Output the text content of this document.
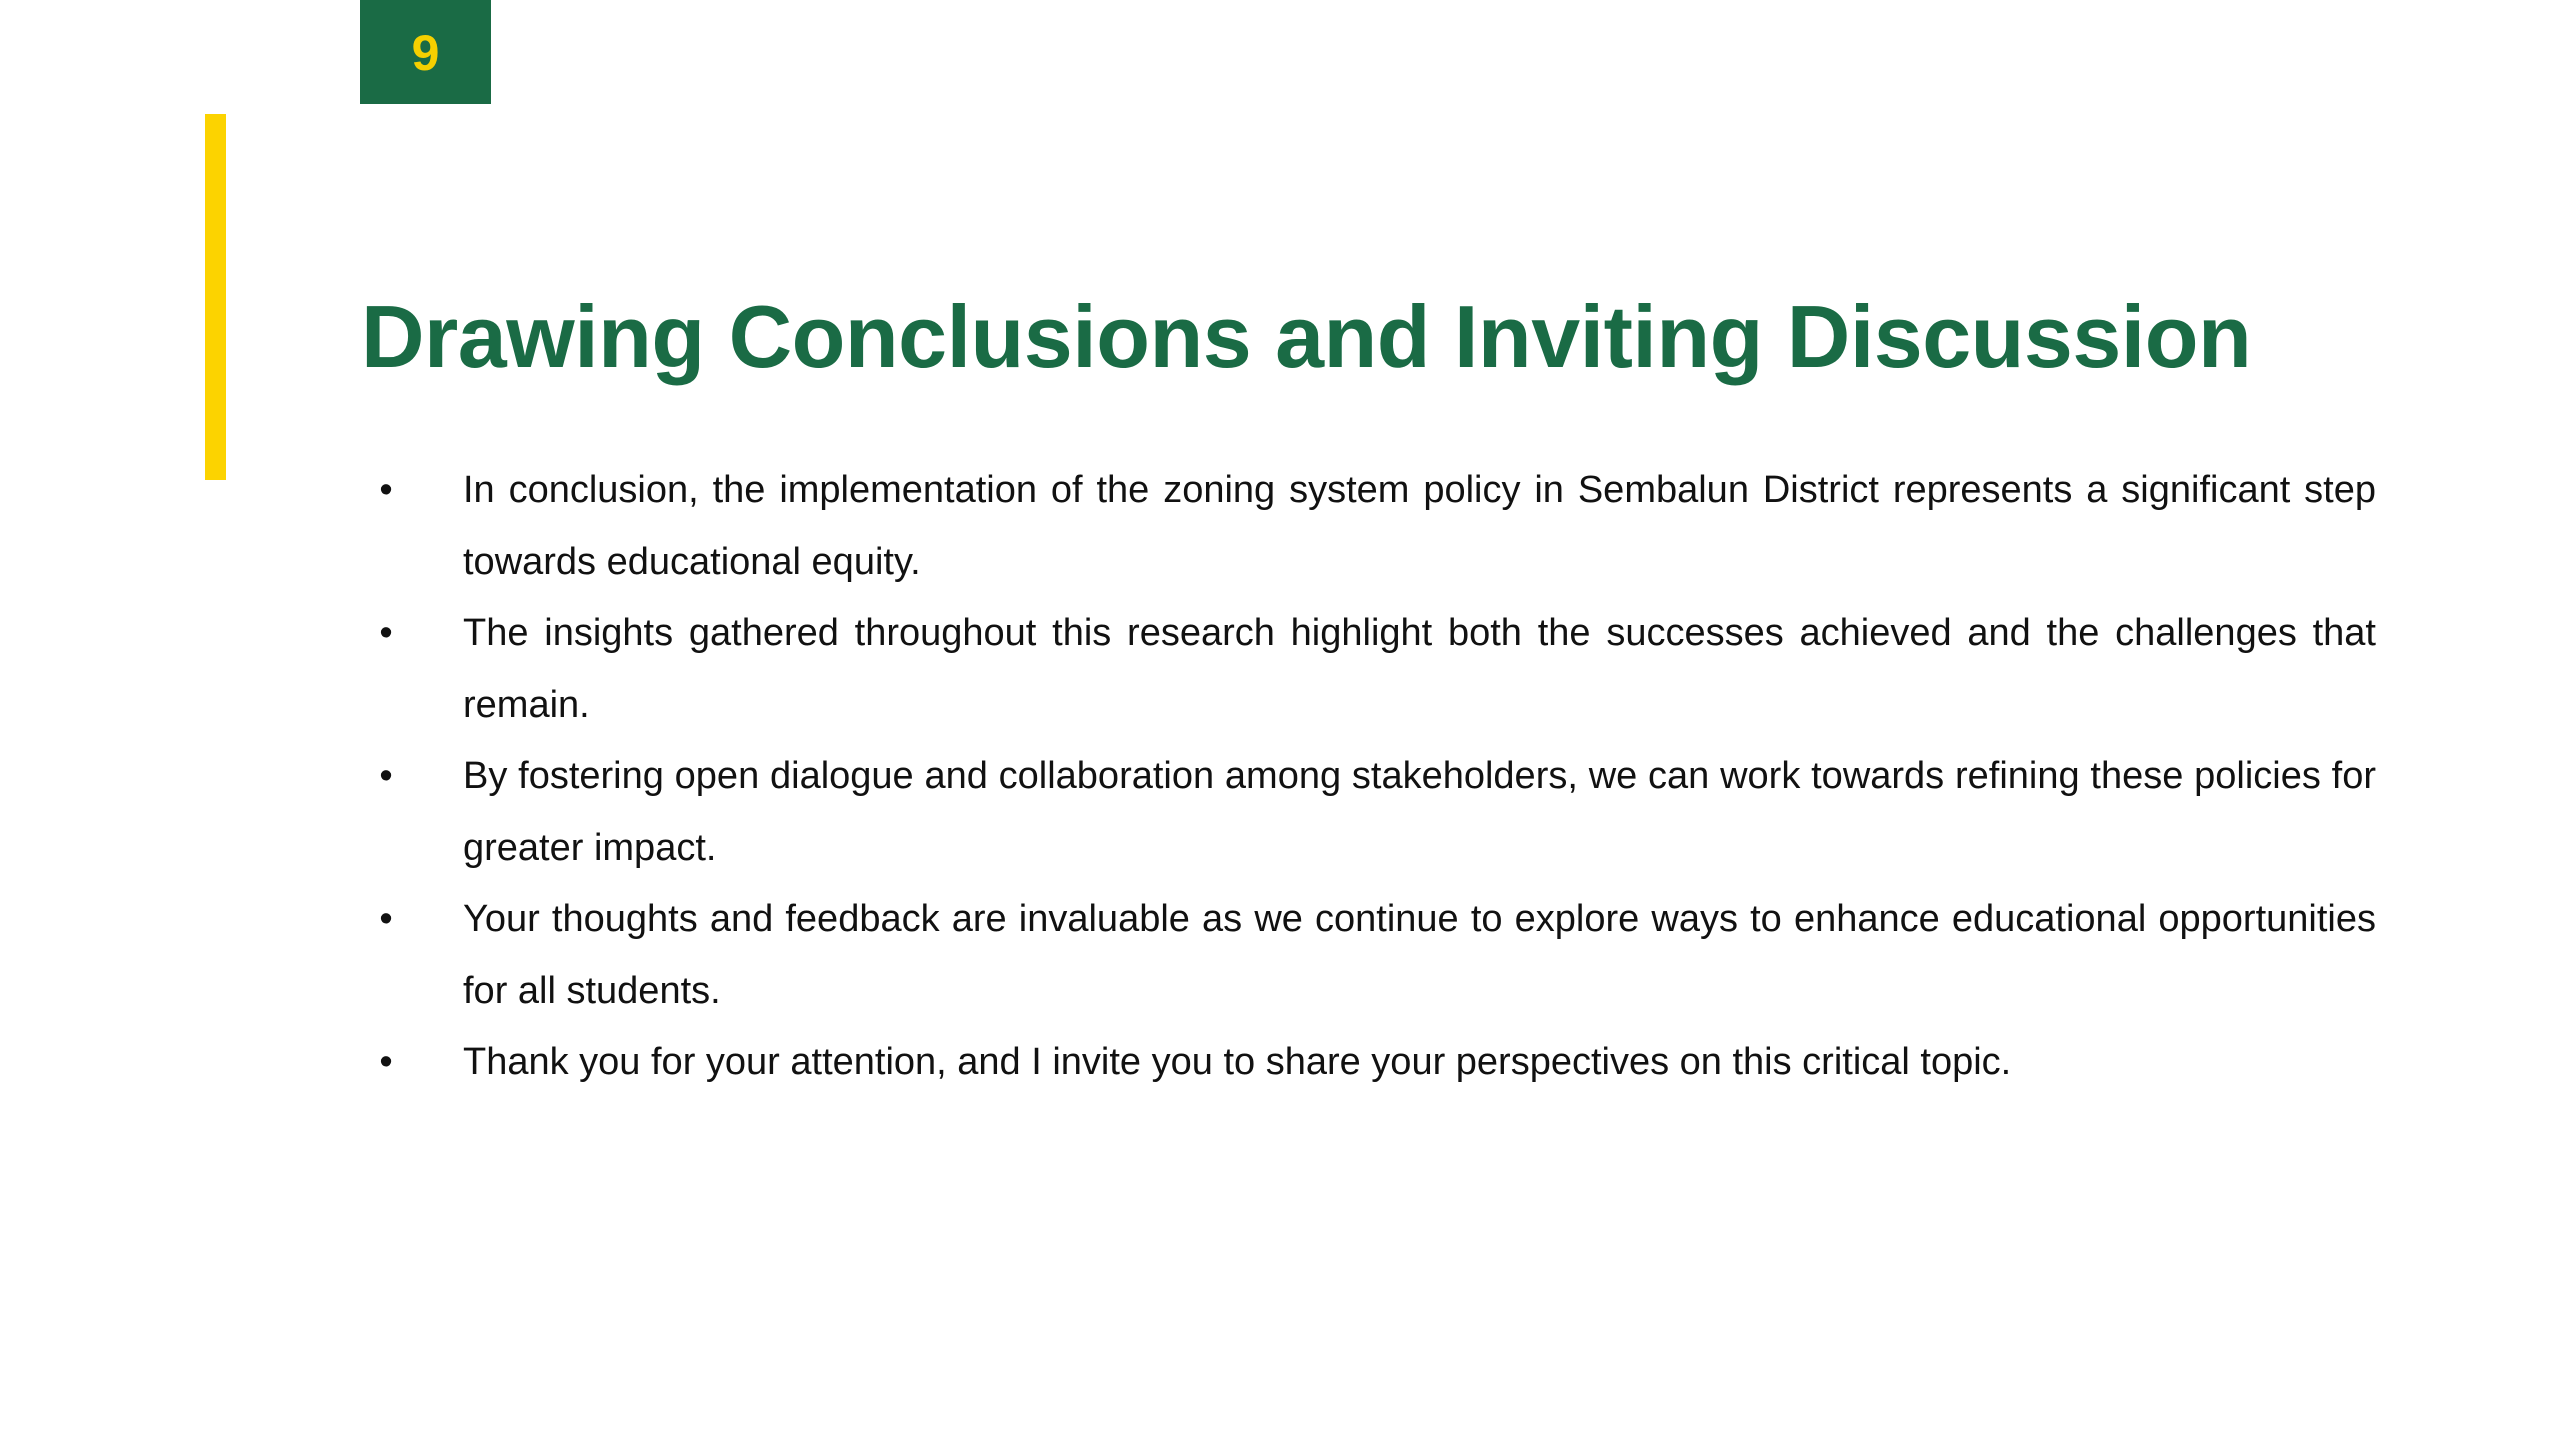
9
Drawing Conclusions and Inviting Discussion
• In conclusion, the implementation of the zoning system policy in Sembalun District represents a significant step towards educational equity.
• The insights gathered throughout this research highlight both the successes achieved and the challenges that remain.
• By fostering open dialogue and collaboration among stakeholders, we can work towards refining these policies for greater impact.
• Your thoughts and feedback are invaluable as we continue to explore ways to enhance educational opportunities for all students.
• Thank you for your attention, and I invite you to share your perspectives on this critical topic.
